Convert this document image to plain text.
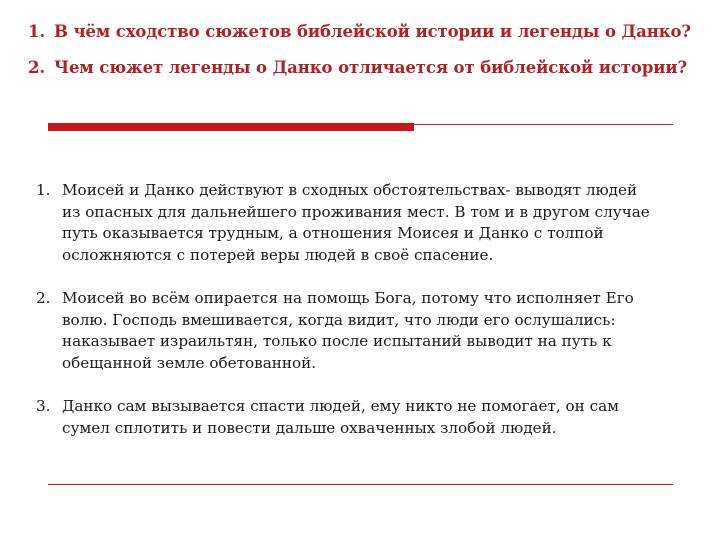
1. В чём сходство сюжетов библейской истории и легенды о Данко?
2. Чем сюжет легенды о Данко отличается от библейской истории?
1. Моисей и Данко действуют в сходных обстоятельствах- выводят людей
из опасных для дальнейшего проживания мест. В том и в другом случае
путь оказывается трудным, а отношения Моисея и Данко с толпой
осложняются с потерей веры людей в своё спасение.
2. Моисей во всём опирается на помощь Бога, потому что исполняет Его
волю. Господь вмешивается, когда видит, что люди его ослушались:
наказывает израильтян, только после испытаний выводит на путь к
обещанной земле обетованной.
3. Данко сам вызывается спасти людей, ему никто не помогает, он сам
сумел сплотить и повести дальше охваченных злобой людей.
